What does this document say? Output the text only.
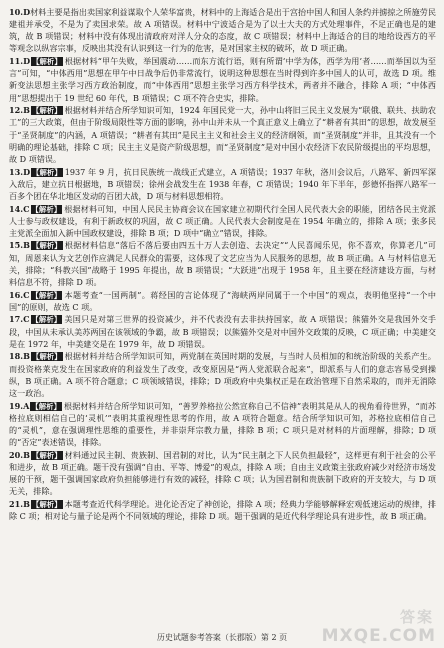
10.D材料主要是指出卖国家利益谋取个人荣华富贵，材料中的上海适合是出于宫抬中国人和国人条约并掳掠之所施劳民建祖并承受，不是为了卖国求荣。故 A 项错误。材料中宁波适合是为了以士大夫的方式处理事件，不足正确也是的建筑，故 B 项错误；材料中没有体现出清政府对洋人分众的态度，故 C 项错误；材料中上海适合的目的地给设西方的平等观念以纵容宗事，反映出其没有认识到这一行为的危害，是对国家主权的破坏，故 D 项正确。
11.D 【解析】 根据材料“甲午失败，举国震动……而东方流行语，则有所谓‘中学为体，西学为用’者……而举国以为至言”可知，“中体西用”思想在甲午中日战争后仍非常流行，说明这种思想在当时得到许多中国人的认可，故选 D 项。维新变法思想主张学习西方政治制度，而“中体西用”思想主张学习西方科学技术，两者并不融合，排除 A 项；“中体西用”思想提出于 19 世纪 60 年代，B 项错误；C 项不符合史实，排除。
12.B 【解析】 根据材料并结合所学知识可知，1924 年国民党一大，孙中山将旧三民主义发展为“联俄、联共、扶助农工”的三大政策，但由于阶级局限性等方面的影响，孙中山并未从一个真正意义上确立了“耕者有其田”的思想，故发展至于“圣贤制度”的内涵，A 项错误；“耕者有其田”是民主主义和社会主义的经济纲领，而“圣贤制度”并非，且其没有一个明确的理论基础，排除 C 项；民主主义是资产阶级思想，而“圣贤制度”是对中国小农经济下农民阶级提出的平均思想，故 D 项错误。
13.D 【解析】 1937 年 9 月，抗日民族统一战线正式建立，A 项错误；1937 年秋，洛川会议后，八路军、新四军深入敌后，建立抗日根据地，B 项错误；徐州会战发生在 1938 年春，C 项错误；1940 年下半年，彭德怀指挥八路军一百多个团在华北地区发动的百团大战，D 项与材料思想相符。
14.C 【解析】 根据材料可知，中国人民民主协商会议在国家建立初期代行全国人民代表大会的职能，团结各民主党派人士参与政权建设，有利于新政权的巩固，故 C 项正确。人民代表大会制度是在 1954 年确立的，排除 A 项；张多民主党派全面加入新中国政权建设，排除 B 项；D 项中“确立”错误，排除。
15.B 【解析】 根据材料信息“落后不落后要由四五十万人去创造、去决定”“人民喜闻乐见，你不喜欢，你算老几”可知，周恩来认为文艺创作应满足人民群众的需要，这体现了文艺应当为人民服务的思想，故 B 项正确。A 与材料信息无关，排除；“科教兴国”战略于 1995 年提出，故 B 项错误；“大跃进”出现于 1958 年，且主要在经济建设方面，与材料信息不符，排除 D 项。
16.C 【解析】 本题考查“一国两制”。蒋经国的言论体现了“海峡两岸同属于一个中国”的观点，表明他坚持“一个中国”的原则，故选 C 项。
17.C 【解析】 美国只是对第三世界的投资减少，并不代表没有去非扶持国家，故 A 项错误；熊猫外交是我国外交手段，中国从未承认美苏两国在该领域的争霸，故 B 项错误；以熊猫外交是对中国外交政策的反映，C 项正确；中美建交是在 1972 年，中美建交是在 1979 年，故 D 项错误。
18.B 【解析】 根据材料并结合所学知识可知，两党制在英国时期的发展，与当时人员相加的和统治阶级的关系产生。而投资格莱克发生在国家政府的利益发生了改变，改变原因是“两人党派联合起来”，即派系与人们的意志容易受到操纵，B 项正确。A 项不符合题意；C 项领域错误，排除；D 项政府中央集权正是在政治管理下自然采取的，而并无消除这一政治。
19.A 【解析】 根据材料并结合所学知识可知，“善罗养格拉公然宣称自己不信神”表明其是从人的视角看待世界，“而苏格拉底则相信自己的‘灵机’”表明其重视理性思考的作用，故 A 项符合题意。结合所学知识可知，苏格拉底相信自己的“灵机”，意在强调理性思维的重要性，并非崇拜宗教力量，排除 B 项；C 项只是对材料的片面理解，排除；D 项的“否定”表述错误，排除。
20.B 【解析】 材料通过民主制、贵族制、国君制的对比，认为“民主制之下人民负担最轻”，这样更有利于社会的公平和进步，故 B 项正确。题干没有强调“自由、平等、博爱”的观点，排除 A 项；自由主义政策主张政府减少对经济市场发展的干预，题干强调国家政府负担能够进行有效的减轻，排除 C 项；认为国君制和贵族制下政府的开支较大，与 D 项无关，排除。
21.B 【解析】 本题考查近代科学理论。进化论否定了神创论，排除 A 项；经典力学能够解释宏观低速运动的规律，排除 C 项；相对论与量子论是两个不同领域的理论，排除 D 项。题干强调的是近代科学理论具有进步性，故 B 项正确。
历史试题参考答案（长郡版）第 2 页
答案
MXQE.COM
